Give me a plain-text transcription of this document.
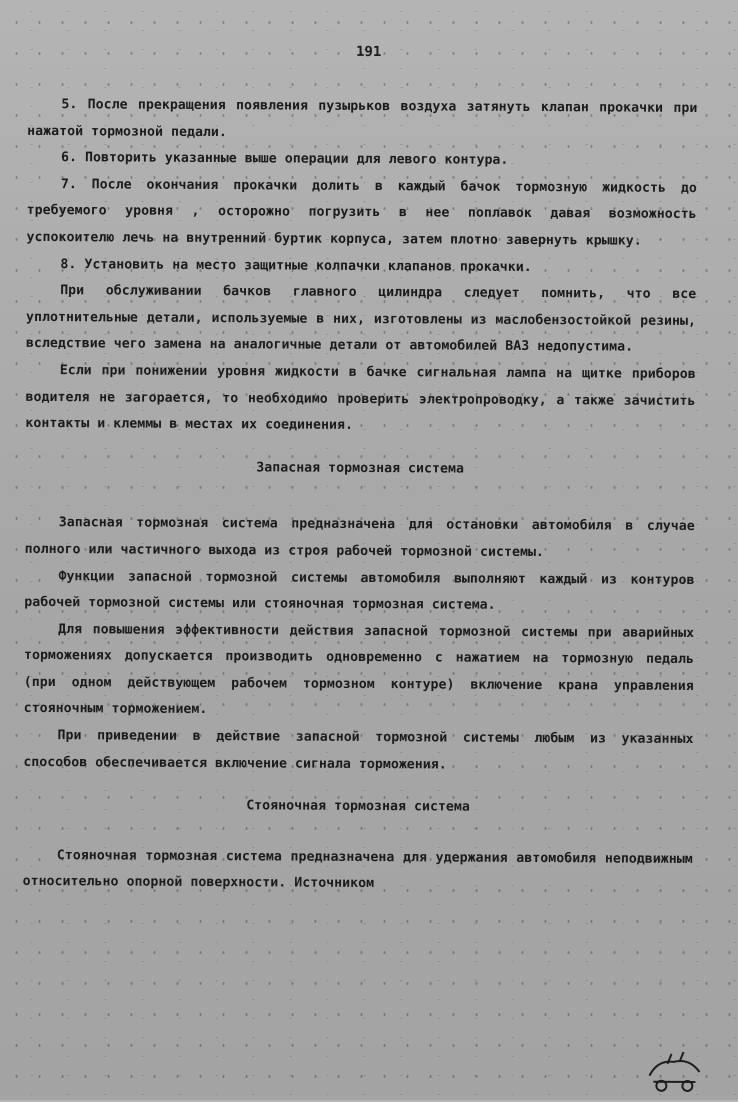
191

5. После прекращения появления пузырьков воздуха затянуть клапан прокачки при нажатой тормозной педали.

6. Повторить указанные выше операции для левого контура.

7. После окончания прокачки долить в каждый бачок тормозную жидкость до требуемого уровня , осторожно погрузить в нее поплавок давая возможность успокоителю лечь на внутренний буртик корпуса, затем плотно завернуть крышку.

8. Установить на место защитные колпачки клапанов прокачки.

При обслуживании бачков главного цилиндра следует помнить, что все уплотнительные детали, используемые в них, изготовлены из маслобензостойкой резины, вследствие чего замена на аналогичные детали от автомобилей ВАЗ недопустима.

Если при понижении уровня жидкости в бачке сигнальная лампа на щитке приборов водителя не загорается, то необходимо проверить электропроводку, а также зачистить контакты и клеммы в местах их соединения.

Запасная тормозная система

Запасная тормозная система предназначена для остановки автомобиля в случае полного или частичного выхода из строя рабочей тормозной системы.

Функции запасной тормозной системы автомобиля выполняют каждый из контуров рабочей тормозной системы или стояночная тормозная система.

Для повышения эффективности действия запасной тормозной системы при аварийных торможениях допускается производить одновременно с нажатием на тормозную педаль (при одном действующем рабочем тормозном контуре) включение крана управления стояночным торможением.

При приведении в действие запасной тормозной системы любым из указанных способов обеспечивается включение сигнала торможения.

Стояночная тормозная система

Стояночная тормозная система предназначена для удержания автомобиля неподвижным относительно опорной поверхности. Источником
